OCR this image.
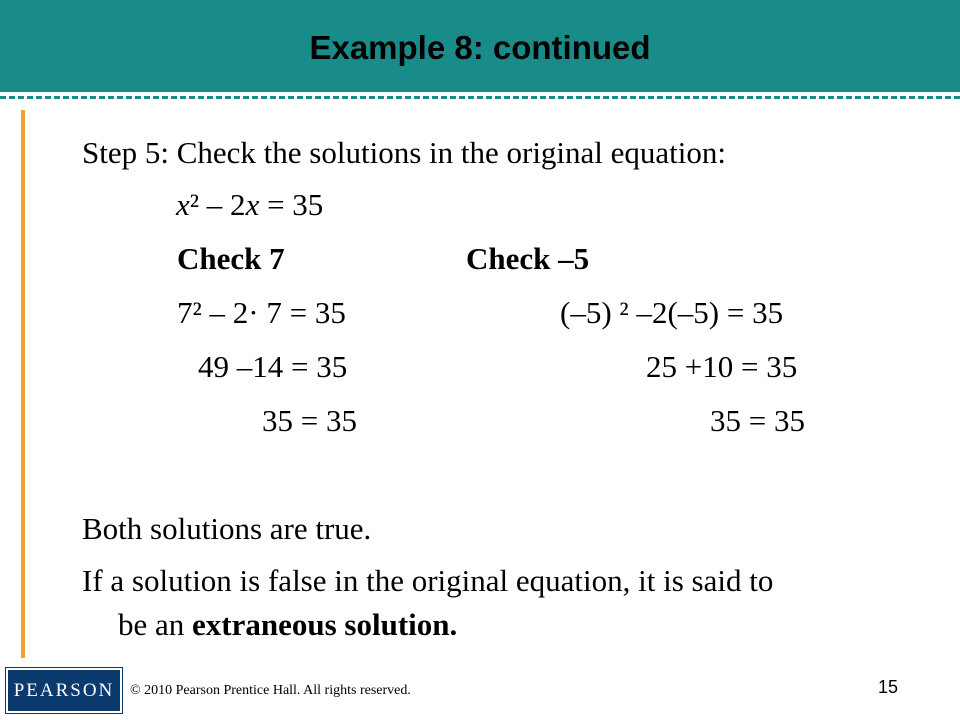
Example 8: continued
Step 5: Check the solutions in the original equation:
x² – 2x = 35
Check 7	Check –5
7² – 2· 7 = 35	(–5) ² –2(–5) = 35
49 –14 = 35	25 +10 = 35
35 = 35	35 = 35
Both solutions are true.
If a solution is false in the original equation, it is said to
be an extraneous solution.
PEARSON © 2010 Pearson Prentice Hall. All rights reserved.	15
